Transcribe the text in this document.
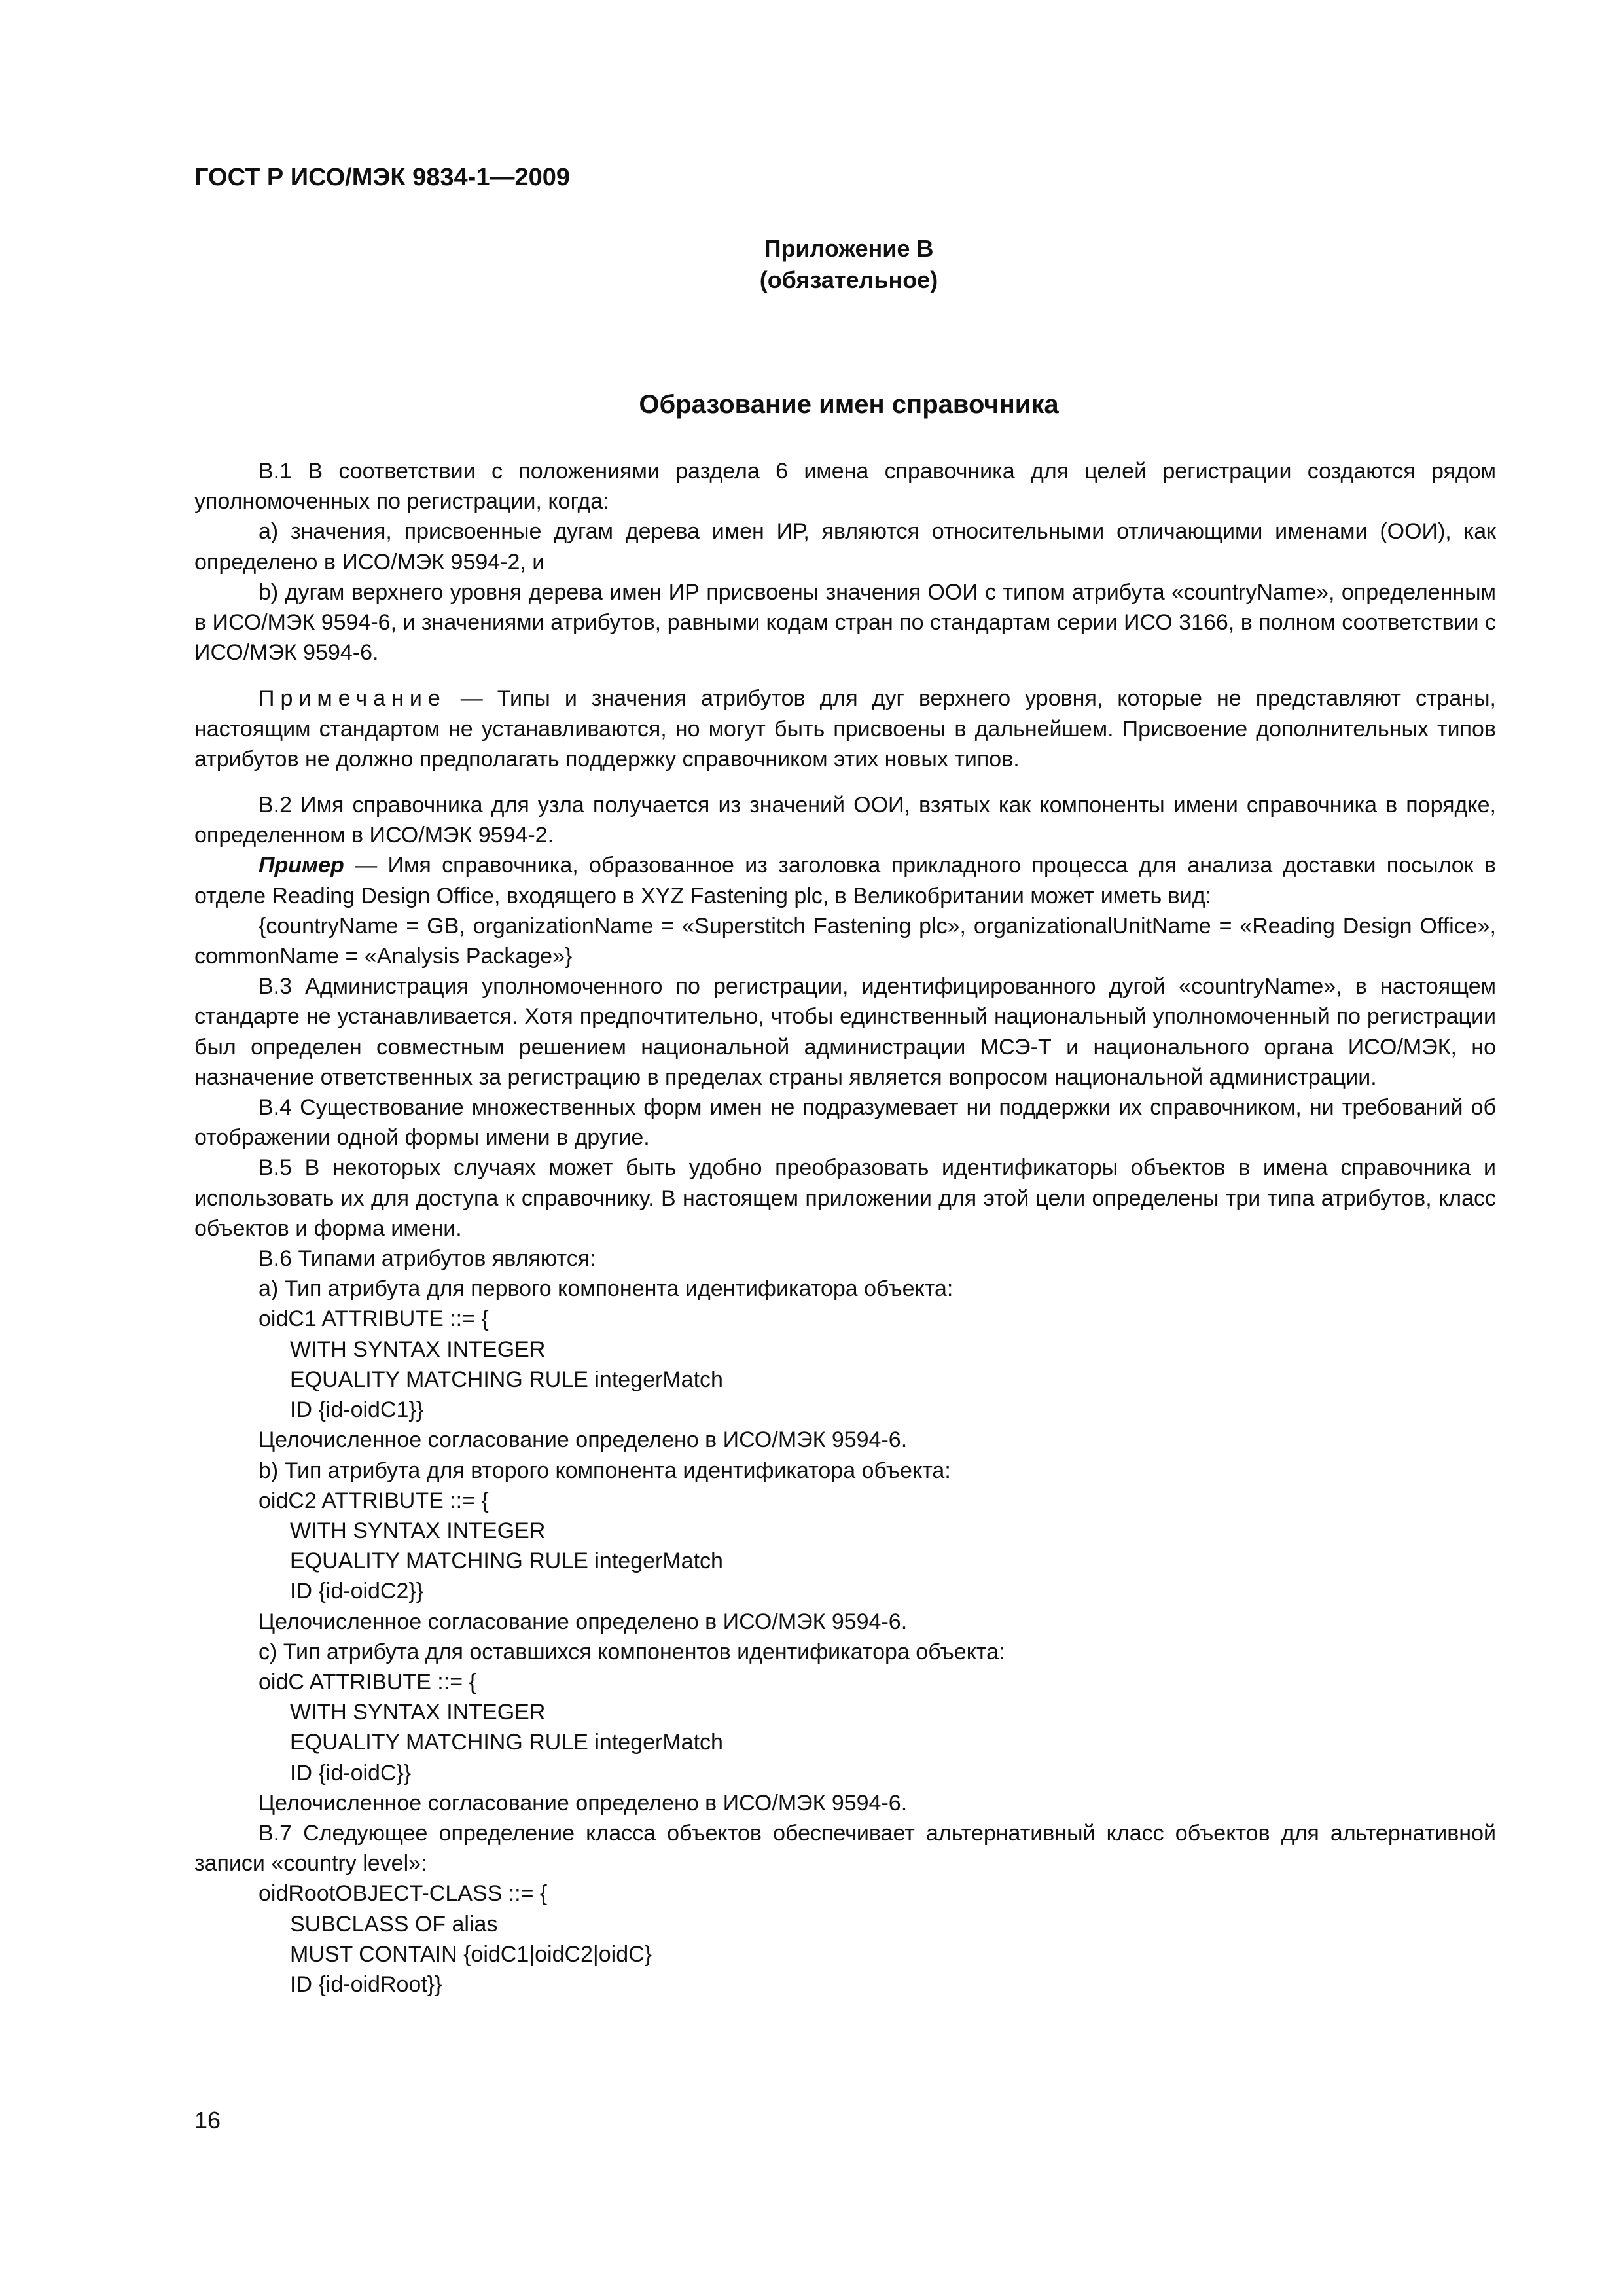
ГОСТ Р ИСО/МЭК 9834-1—2009
Приложение В
(обязательное)
Образование имен справочника

В.1 В соответствии с положениями раздела 6 имена справочника для целей регистрации создаются рядом уполномоченных по регистрации, когда:

a) значения, присвоенные дугам дерева имен ИР, являются относительными отличающими именами (ООИ), как определено в ИСО/МЭК 9594-2, и

b) дугам верхнего уровня дерева имен ИР присвоены значения ООИ с типом атрибута «countryName», определенным в ИСО/МЭК 9594-6, и значениями атрибутов, равными кодам стран по стандартам серии ИСО 3166, в полном соответствии с ИСО/МЭК 9594-6.

Примечание — Типы и значения атрибутов для дуг верхнего уровня, которые не представляют страны, настоящим стандартом не устанавливаются, но могут быть присвоены в дальнейшем. Присвоение дополнительных типов атрибутов не должно предполагать поддержку справочником этих новых типов.

В.2 Имя справочника для узла получается из значений ООИ, взятых как компоненты имени справочника в порядке, определенном в ИСО/МЭК 9594-2.

Пример — Имя справочника, образованное из заголовка прикладного процесса для анализа доставки посылок в отделе Reading Design Office, входящего в XYZ Fastening plc, в Великобритании может иметь вид:

{countryName = GB, organizationName = «Superstitch Fastening plc», organizationalUnitName = «Reading Design Office», commonName = «Analysis Package»}

В.3 Администрация уполномоченного по регистрации, идентифицированного дугой «countryName», в настоящем стандарте не устанавливается. Хотя предпочтительно, чтобы единственный национальный уполномоченный по регистрации был определен совместным решением национальной администрации МСЭ-Т и национального органа ИСО/МЭК, но назначение ответственных за регистрацию в пределах страны является вопросом национальной администрации.

В.4 Существование множественных форм имен не подразумевает ни поддержки их справочником, ни требований об отображении одной формы имени в другие.

В.5 В некоторых случаях может быть удобно преобразовать идентификаторы объектов в имена справочника и использовать их для доступа к справочнику. В настоящем приложении для этой цели определены три типа атрибутов, класс объектов и форма имени.

В.6 Типами атрибутов являются:

a) Тип атрибута для первого компонента идентификатора объекта:

oidC1 ATTRIBUTE ::= {

WITH SYNTAX INTEGER

EQUALITY MATCHING RULE integerMatch

ID {id-oidC1}}

Целочисленное согласование определено в ИСО/МЭК 9594-6.

b) Тип атрибута для второго компонента идентификатора объекта:

oidC2 ATTRIBUTE ::= {

WITH SYNTAX INTEGER

EQUALITY MATCHING RULE integerMatch

ID {id-oidC2}}

Целочисленное согласование определено в ИСО/МЭК 9594-6.

c) Тип атрибута для оставшихся компонентов идентификатора объекта:

oidC ATTRIBUTE ::= {

WITH SYNTAX INTEGER

EQUALITY MATCHING RULE integerMatch

ID {id-oidC}}

Целочисленное согласование определено в ИСО/МЭК 9594-6.

В.7 Следующее определение класса объектов обеспечивает альтернативный класс объектов для альтернативной записи «country level»:

oidRootOBJECT-CLASS ::= {

SUBCLASS OF alias

MUST CONTAIN {oidC1|oidC2|oidC}

ID {id-oidRoot}}

16
